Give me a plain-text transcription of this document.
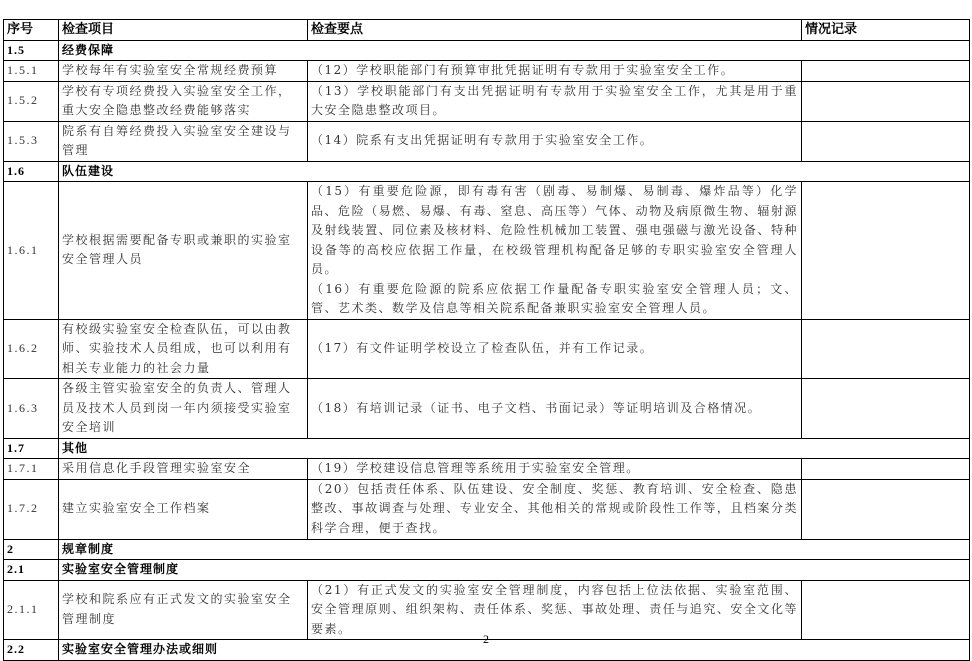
序号	检查项目	检查要点	情况记录
1.5	经费保障		
1.5.1	学校每年有实验室安全常规经费预算	（12）学校职能部门有预算审批凭据证明有专款用于实验室安全工作。	
1.5.2	学校有专项经费投入实验室安全工作，重大安全隐患整改经费能够落实	（13）学校职能部门有支出凭据证明有专款用于实验室安全工作，尤其是用于重大安全隐患整改项目。	
1.5.3	院系有自筹经费投入实验室安全建设与管理	（14）院系有支出凭据证明有专款用于实验室安全工作。	
1.6	队伍建设		
1.6.1	学校根据需要配备专职或兼职的实验室安全管理人员	（15）有重要危险源，即有毒有害（剧毒、易制爆、易制毒、爆炸品等）化学品、危险（易燃、易爆、有毒、窒息、高压等）气体、动物及病原微生物、辐射源及射线装置、同位素及核材料、危险性机械加工装置、强电强磁与激光设备、特种设备等的高校应依据工作量，在校级管理机构配备足够的专职实验室安全管理人员。
（16）有重要危险源的院系应依据工作量配备专职实验室安全管理人员；文、管、艺术类、数学及信息等相关院系配备兼职实验室安全管理人员。	

1.6.2	有校级实验室安全检查队伍，可以由教师、实验技术人员组成，也可以利用有相关专业能力的社会力量	（17）有文件证明学校设立了检查队伍，并有工作记录。	
1.6.3	各级主管实验室安全的负责人、管理人员及技术人员到岗一年内须接受实验室安全培训	（18）有培训记录（证书、电子文档、书面记录）等证明培训及合格情况。	
1.7	其他		
1.7.1	采用信息化手段管理实验室安全	（19）学校建设信息管理等系统用于实验室安全管理。	
1.7.2	建立实验室安全工作档案	（20）包括责任体系、队伍建设、安全制度、奖惩、教育培训、安全检查、隐患整改、事故调查与处理、专业安全、其他相关的常规或阶段性工作等，且档案分类科学合理，便于查找。	
2	规章制度		
2.1	实验室安全管理制度		
2.1.1	学校和院系应有正式发文的实验室安全管理制度	（21）有正式发文的实验室安全管理制度，内容包括上位法依据、实验室范围、安全管理原则、组织架构、责任体系、奖惩、事故处理、责任与追究、安全文化等要素。	
2.2	实验室安全管理办法或细则		
2
